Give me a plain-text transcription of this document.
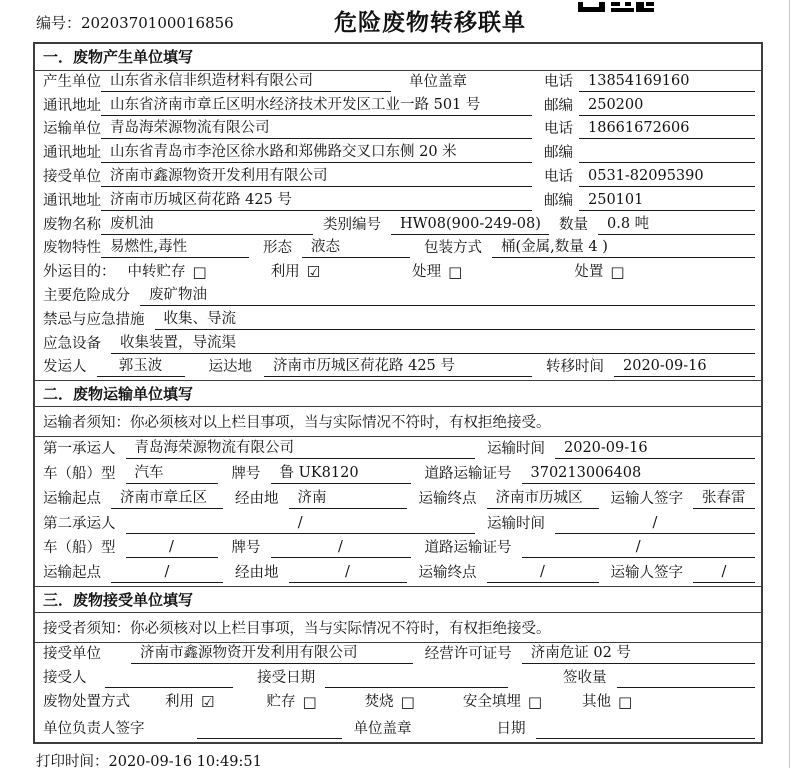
编号：2020370100016856	危险废物转移联单
一．废物产生单位填写
产生单位 山东省永信非织造材料有限公司	单位盖章	电话	13854169160
通讯地址 山东省济南市章丘区明水经济技术开发区工业一路 501 号	邮编	250200
运输单位 青岛海荣源物流有限公司	电话	18661672606
通讯地址 山东省青岛市李沧区徐水路和郑佛路交叉口东侧 20 米	邮编
接受单位 济南市鑫源物资开发利用有限公司	电话	0531-82095390
通讯地址 济南市历城区荷花路 425 号	邮编	250101
废物名称 废机油	类别编号	HW08(900-249-08)	数量	0.8 吨
废物特性 易燃性,毒性	形态	液态	包装方式	桶(金属,数量 4 )
外运目的： 中转贮存 □	利用 ☑	处理 □	处置 □
主要危险成分	废矿物油
禁忌与应急措施	收集、导流
应急设备	收集装置，导流渠
发运人	郭玉波	运达地	济南市历城区荷花路 425 号	转移时间	2020-09-16
二．废物运输单位填写
运输者须知：你必须核对以上栏目事项，当与实际情况不符时，有权拒绝接受。
第一承运人	青岛海荣源物流有限公司	运输时间	2020-09-16
车（船）型	汽车	牌号	鲁 UK8120	道路运输证号	370213006408
运输起点	济南市章丘区	经由地	济南	运输终点	济南市历城区	运输人签字	张春雷
第二承运人	/	运输时间	/
车（船）型	/	牌号	/	道路运输证号	/
运输起点	/	经由地	/	运输终点	/	运输人签字	/
三．废物接受单位填写
接受者须知：你必须核对以上栏目事项，当与实际情况不符时，有权拒绝接受。
接受单位	济南市鑫源物资开发利用有限公司	经营许可证号	济南危证 02 号
接受人	接受日期	签收量
废物处置方式 利用 ☑	贮存 □	焚烧 □	安全填埋 □	其他 □
单位负责人签字	单位盖章	日期
打印时间：2020-09-16 10:49:51
